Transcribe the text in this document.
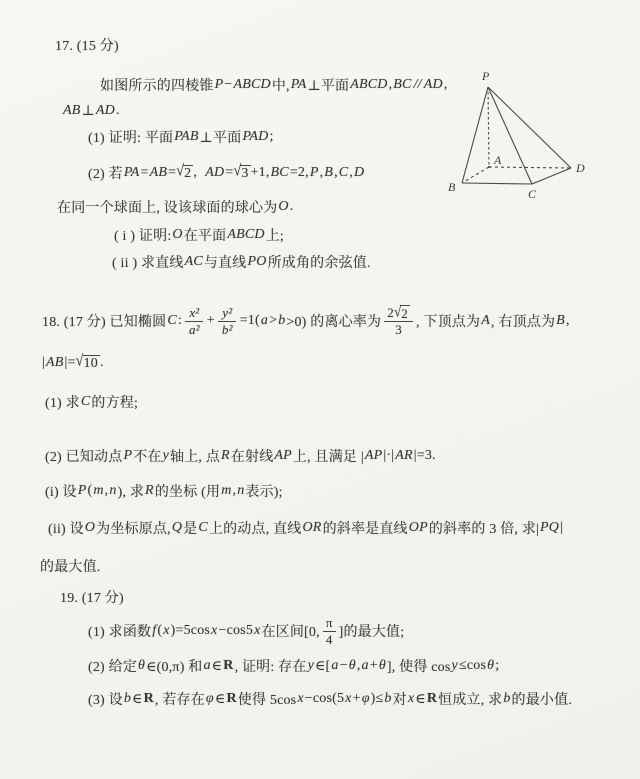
17. (15 分)
如图所示的四棱锥 P − ABCD 中, PA ⊥平面 ABCD , BC // AD ,
AB ⊥ AD .
(1) 证明: 平面 PAB ⊥平面 PAD ;
(2) 若 PA = AB = √ 2 ,  AD = √ 3 +1, BC =2, P , B , C , D
在同一个球面上, 设该球面的球心为 O .
( i ) 证明: O 在平面 ABCD 上;
( ii ) 求直线 AC 与直线 PO 所成角的余弦值.
P
A
B	C
D
18. (17 分) 已知椭圆 C : $\frac{\text{x²}}{\text{a²}} + \frac{\text{y²}}{\text{b²}} =1$( a > b >0) 的离心率为 $\frac{2 √ 2}{3}$ , 下顶点为 A , 右顶点为 B ,
| AB |= √ 10 .
(1) 求 C 的方程;
(2) 已知动点 P 不在 y 轴上, 点 R 在射线 AP 上, 且满足 | AP |·| AR |=3.
(i) 设 P ( m , n ), 求 R 的坐标 (用 m , n 表示);
(ii) 设 O 为坐标原点, Q 是 C 上的动点, 直线 OR 的斜率是直线 OP 的斜率的 3 倍, 求| PQ |
的最大值.
19. (17 分)
(1) 求函数 f ( x )=5cos x −cos5 x 在区间[0, $\frac{\pi}{4}$ ]的最大值;
(2) 给定 θ ∈(0,π) 和 a ∈ R , 证明: 存在 y ∈[ a − θ , a + θ ], 使得 cos y ≤cos θ ;
(3) 设 b ∈ R , 若存在 φ ∈ R 使得 5cos x −cos(5 x + φ )≤ b 对 x ∈ R 恒成立, 求 b 的最小值.
